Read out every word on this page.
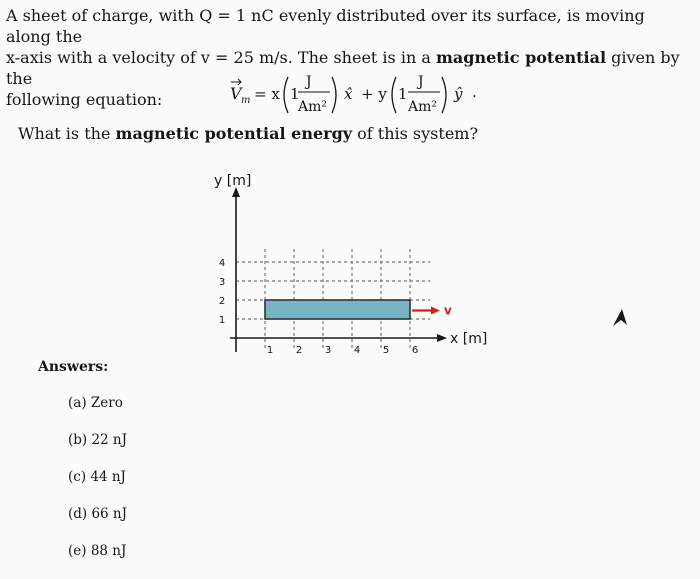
A sheet of charge, with Q = 1 nC evenly distributed over its surface, is moving along the

x-axis with a velocity of v = 25 m/s. The sheet is in a magnetic potential given by the

following equation:	V m = x 1
J
Am²
x̂ + y 1
J
Am²
ŷ .
What is the magnetic potential energy of this system?
1 2 3 4 5 6
1
2
3
4
y [m]
x [m]
v
Answers:
(a) Zero
(b) 22 nJ
(c) 44 nJ
(d) 66 nJ
(e) 88 nJ
